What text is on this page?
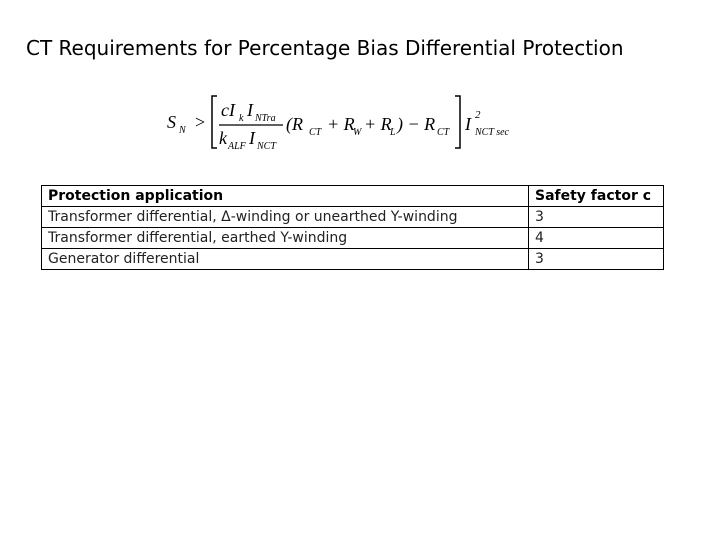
CT Requirements for Percentage Bias Differential Protection
S N >
cI k I NTra
k ALF I NCT
(R CT + R
W + R
L ) − R CT I 2
NCT sec
Protection application	Safety factor c
Transformer differential, Δ-winding or unearthed Y-winding	3
Transformer differential, earthed Y-winding	4
Generator differential	3
